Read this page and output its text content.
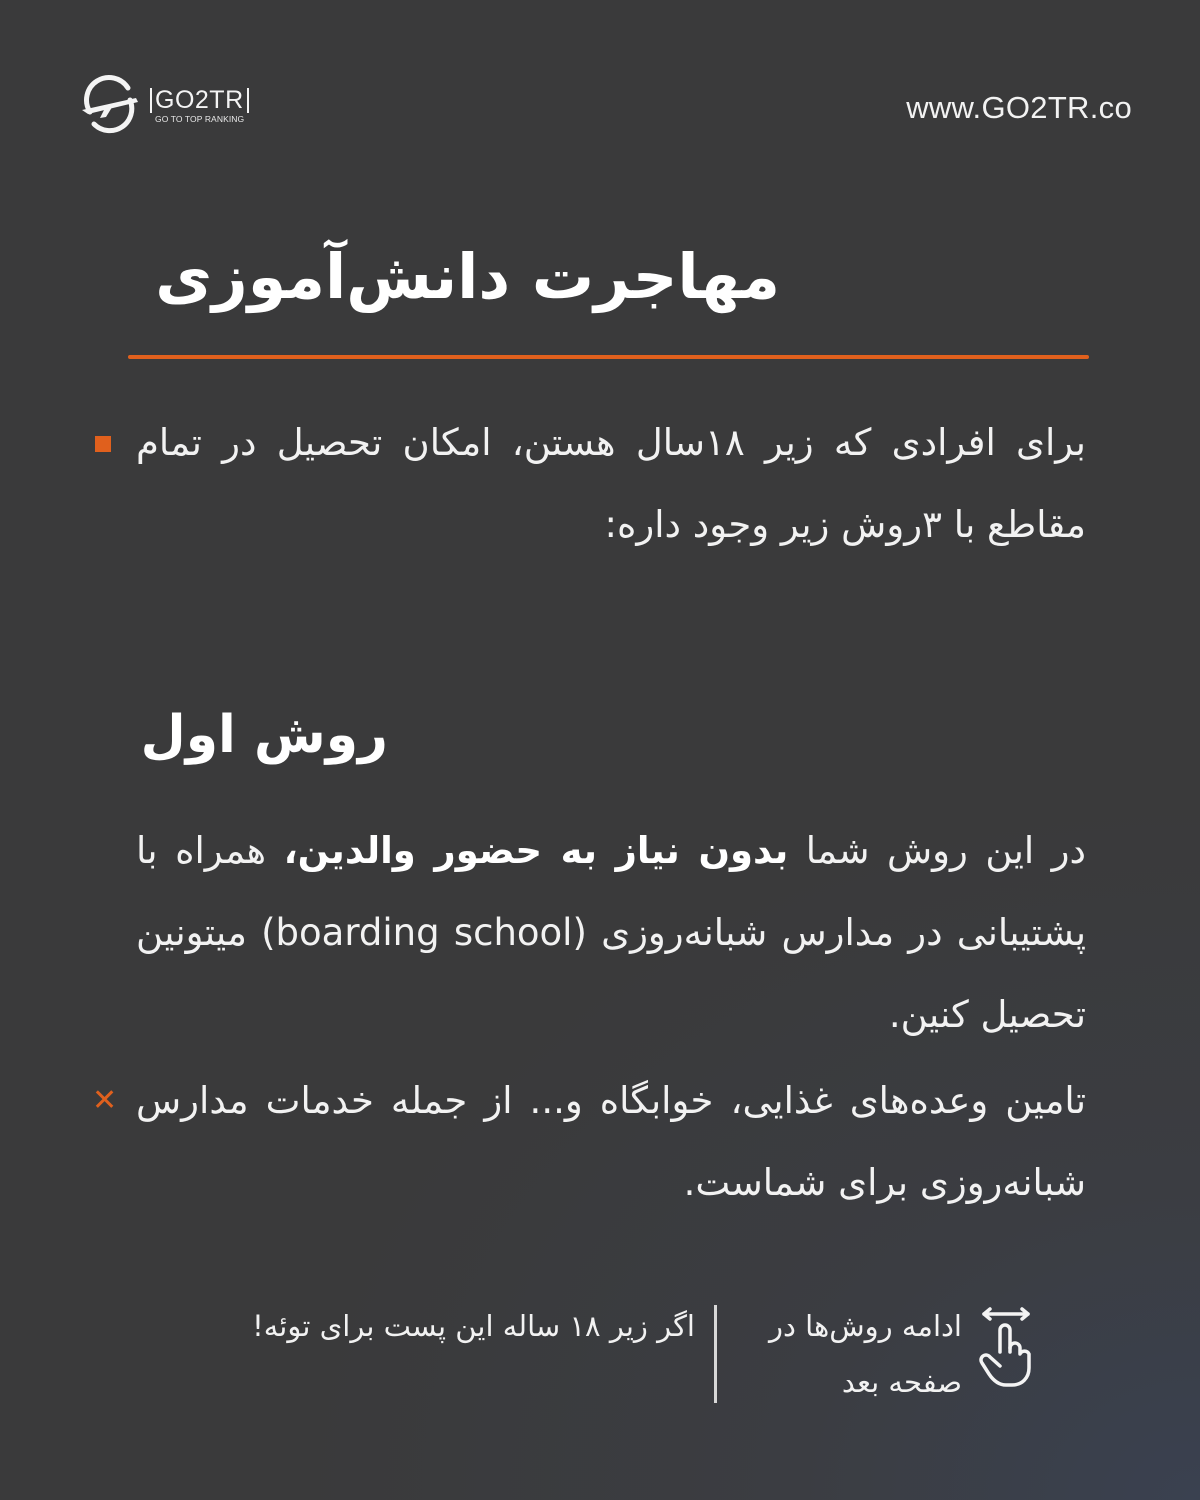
GO2TR
GO TO TOP RANKING	www.GO2TR.co
مهاجرت دانش‌آموزی

برای افرادی که زیر ۱۸سال هستن، امکان تحصیل در تمام مقاطع با ۳روش زیر وجود داره:

روش اول

در این روش شما بدون نیاز به حضور والدین، همراه با پشتیبانی در مدارس شبانه‌روزی (boarding school) میتونین تحصیل کنین.

✕ تامین وعده‌های غذایی، خوابگاه و... از جمله خدمات مدارس شبانه‌روزی برای شماست.

ادامه روش‌ها در صفحه بعد

اگر زیر ۱۸ ساله این پست برای توئه!
